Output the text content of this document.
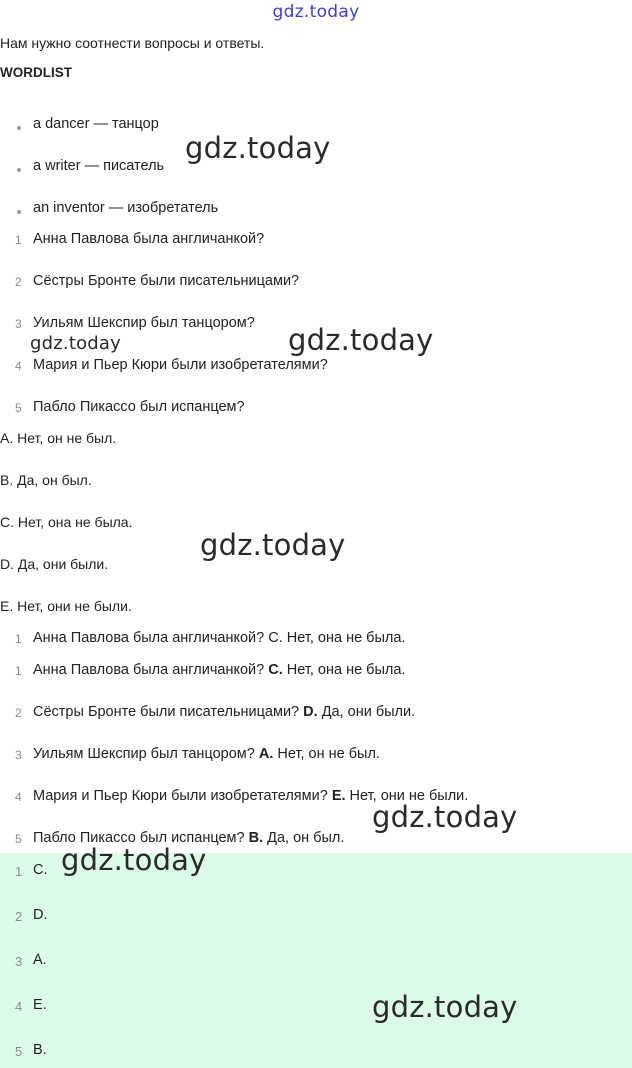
gdz.today
Нам нужно соотнести вопросы и ответы.
WORDLIST
a dancer — танцор
a writer — писатель
an inventor — изобретатель
1 Анна Павлова была англичанкой?
2 Сёстры Бронте были писательницами?
3 Уильям Шекспир был танцором?
4 Мария и Пьер Кюри были изобретателями?
5 Пабло Пикассо был испанцем?
A. Нет, он не был.
B. Да, он был.
C. Нет, она не была.
D. Да, они были.
E. Нет, они не были.
1 Анна Павлова была англичанкой? С. Нет, она не была.
1 Анна Павлова была англичанкой? С. Нет, она не была.
2 Сёстры Бронте были писательницами? D. Да, они были.
3 Уильям Шекспир был танцором? A. Нет, он не был.
4 Мария и Пьер Кюри были изобретателями? E. Нет, они не были.
5 Пабло Пикассо был испанцем? B. Да, он был.
1 C.
2 D.
3 A.
4 E.
5 B.
gdz.today
gdz.today	gdz.today
gdz.today
gdz.today
gdz.today
gdz.today
